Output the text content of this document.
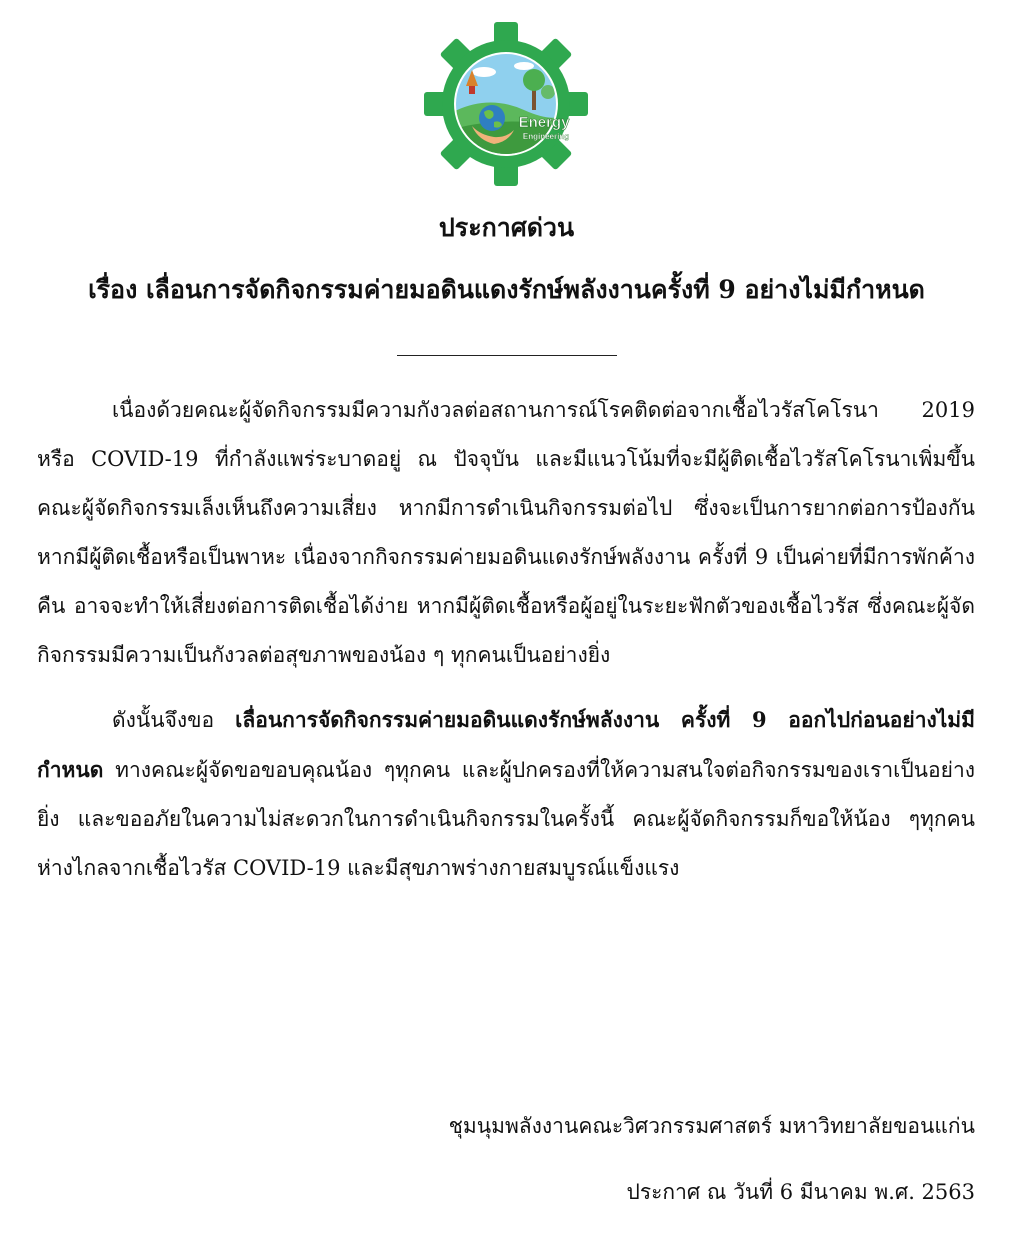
Energy
Engineering
ประกาศด่วน
เรื่อง เลื่อนการจัดกิจกรรมค่ายมอดินแดงรักษ์พลังงานครั้งที่ 9 อย่างไม่มีกำหนด

เนื่องด้วยคณะผู้จัดกิจกรรมมีความกังวลต่อสถานการณ์โรคติดต่อจากเชื้อไวรัสโคโรนา 2019 หรือ COVID-19 ที่กำลังแพร่ระบาดอยู่ ณ ปัจจุบัน และมีแนวโน้มที่จะมีผู้ติดเชื้อไวรัสโคโรนาเพิ่มขึ้น คณะผู้จัดกิจกรรมเล็งเห็นถึงความเสี่ยง หากมีการดำเนินกิจกรรมต่อไป ซึ่งจะเป็นการยากต่อการป้องกันหากมีผู้ติดเชื้อหรือเป็นพาหะ เนื่องจากกิจกรรมค่ายมอดินแดงรักษ์พลังงาน ครั้งที่ 9 เป็นค่ายที่มีการพักค้างคืน อาจจะทำให้เสี่ยงต่อการติดเชื้อได้ง่าย หากมีผู้ติดเชื้อหรือผู้อยู่ในระยะฟักตัวของเชื้อไวรัส ซึ่งคณะผู้จัดกิจกรรมมีความเป็นกังวลต่อสุขภาพของน้อง ๆ ทุกคนเป็นอย่างยิ่ง

ดังนั้นจึงขอ เลื่อนการจัดกิจกรรมค่ายมอดินแดงรักษ์พลังงาน ครั้งที่ 9 ออกไปก่อนอย่างไม่มีกำหนด ทางคณะผู้จัดขอขอบคุณน้อง ๆทุกคน และผู้ปกครองที่ให้ความสนใจต่อกิจกรรมของเราเป็นอย่างยิ่ง และขออภัยในความไม่สะดวกในการดำเนินกิจกรรมในครั้งนี้ คณะผู้จัดกิจกรรมก็ขอให้น้อง ๆทุกคนห่างไกลจากเชื้อไวรัส COVID-19 และมีสุขภาพร่างกายสมบูรณ์แข็งแรง

ชุมนุมพลังงานคณะวิศวกรรมศาสตร์ มหาวิทยาลัยขอนแก่น
ประกาศ ณ วันที่ 6 มีนาคม พ.ศ. 2563
